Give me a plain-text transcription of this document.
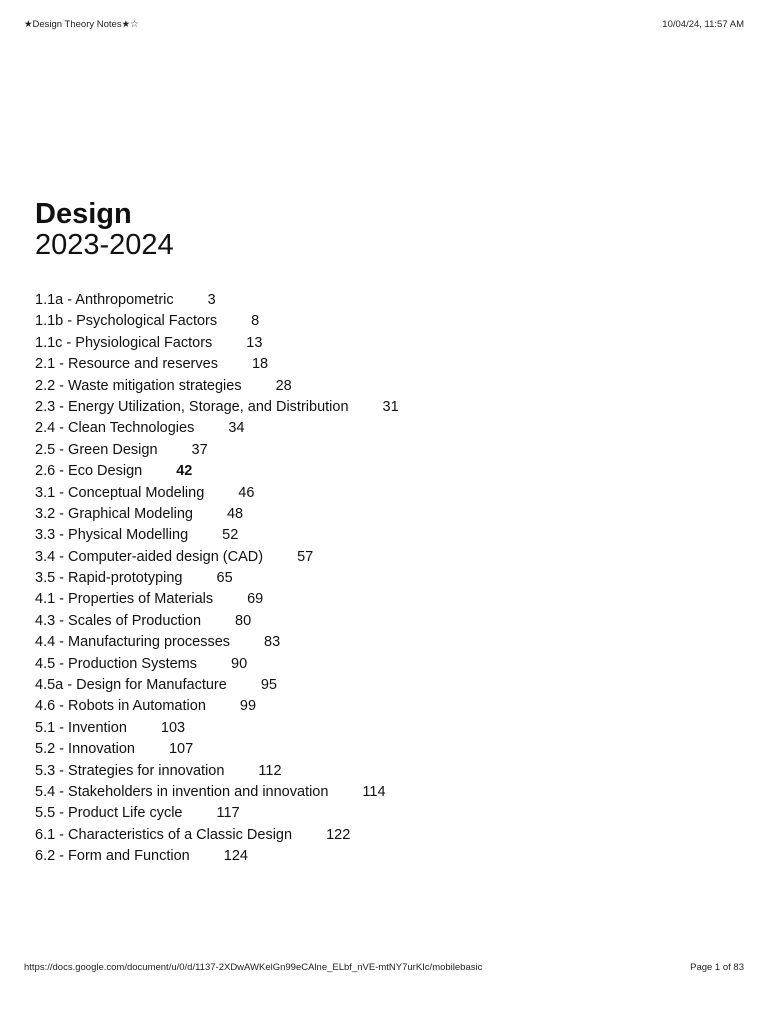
★Design Theory Notes★☆	10/04/24, 11:57 AM
Design
2023-2024
1.1a - Anthropometric 3
1.1b - Psychological Factors 8
1.1c - Physiological Factors 13
2.1 - Resource and reserves 18
2.2 - Waste mitigation strategies 28
2.3 - Energy Utilization, Storage, and Distribution 31
2.4 - Clean Technologies 34
2.5 - Green Design 37
2.6 - Eco Design 42
3.1 - Conceptual Modeling 46
3.2 - Graphical Modeling 48
3.3 - Physical Modelling 52
3.4 - Computer-aided design (CAD) 57
3.5 - Rapid-prototyping 65
4.1 - Properties of Materials 69
4.3 - Scales of Production 80
4.4 - Manufacturing processes 83
4.5 - Production Systems 90
4.5a - Design for Manufacture 95
4.6 - Robots in Automation 99
5.1 - Invention 103
5.2 - Innovation 107
5.3 - Strategies for innovation 112
5.4 - Stakeholders in invention and innovation 114
5.5 - Product Life cycle 117
6.1 - Characteristics of a Classic Design 122
6.2 - Form and Function 124
https://docs.google.com/document/u/0/d/1137-2XDwAWKelGn99eCAlne_ELbf_nVE-mtNY7urKIc/mobilebasic	Page 1 of 83
